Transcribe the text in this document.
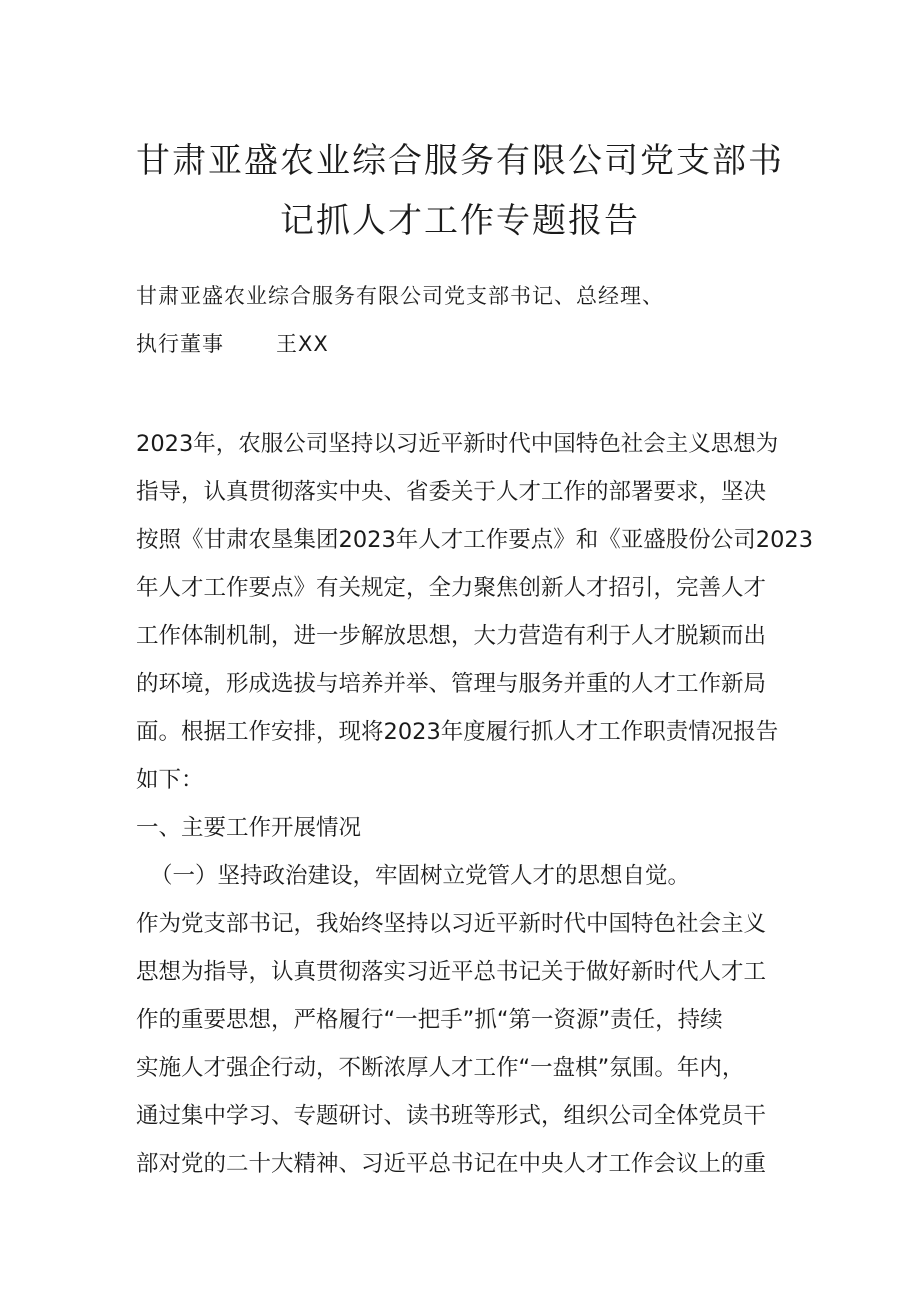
甘肃亚盛农业综合服务有限公司党支部书
记抓人才工作专题报告
甘肃亚盛农业综合服务有限公司党支部书记、总经理、
执行董事 王XX
2023年，农服公司坚持以习近平新时代中国特色社会主义思想为
指导，认真贯彻落实中央、省委关于人才工作的部署要求，坚决
按照《甘肃农垦集团2023年人才工作要点》和《亚盛股份公司2023
年人才工作要点》有关规定，全力聚焦创新人才招引，完善人才
工作体制机制，进一步解放思想，大力营造有利于人才脱颖而出
的环境，形成选拔与培养并举、管理与服务并重的人才工作新局
面。根据工作安排，现将2023年度履行抓人才工作职责情况报告
如下：
一、主要工作开展情况
（一）坚持政治建设，牢固树立党管人才的思想自觉。
作为党支部书记，我始终坚持以习近平新时代中国特色社会主义
思想为指导，认真贯彻落实习近平总书记关于做好新时代人才工
作的重要思想，严格履行“一把手”抓“第一资源”责任，持续
实施人才强企行动，不断浓厚人才工作“一盘棋”氛围。年内，
通过集中学习、专题研讨、读书班等形式，组织公司全体党员干
部对党的二十大精神、习近平总书记在中央人才工作会议上的重
